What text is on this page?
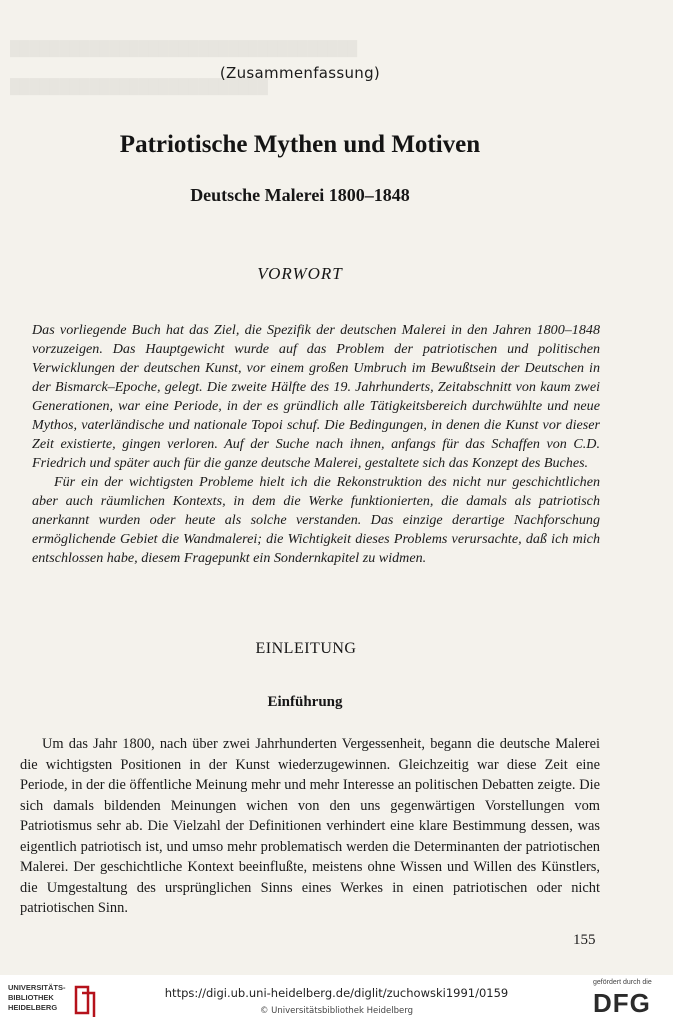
███████████████████████████████████

██████████████████████████
(Zusammenfassung)
Patriotische Mythen und Motiven
Deutsche Malerei 1800–1848
VORWORT

Das vorliegende Buch hat das Ziel, die Spezifik der deutschen Malerei in den Jahren 1800–1848 vorzuzeigen. Das Hauptgewicht wurde auf das Problem der patriotischen und politischen Verwicklungen der deutschen Kunst, vor einem großen Umbruch im Bewußtsein der Deutschen in der Bismarck–Epoche, gelegt. Die zweite Hälfte des 19. Jahrhunderts, Zeitabschnitt von kaum zwei Generationen, war eine Periode, in der es gründlich alle Tätigkeitsbereich durchwühlte und neue Mythos, vaterländische und nationale Topoi schuf. Die Bedingungen, in denen die Kunst vor dieser Zeit existierte, gingen verloren. Auf der Suche nach ihnen, anfangs für das Schaffen von C.D. Friedrich und später auch für die ganze deutsche Malerei, gestaltete sich das Konzept des Buches.

Für ein der wichtigsten Probleme hielt ich die Rekonstruktion des nicht nur geschichtlichen aber auch räumlichen Kontexts, in dem die Werke funktionierten, die damals als patriotisch anerkannt wurden oder heute als solche verstanden. Das einzige derartige Nachforschung ermöglichende Gebiet die Wandmalerei; die Wichtigkeit dieses Problems verursachte, daß ich mich entschlossen habe, diesem Fragepunkt ein Sondernkapitel zu widmen.

EINLEITUNG
Einführung

Um das Jahr 1800, nach über zwei Jahrhunderten Vergessenheit, begann die deutsche Malerei die wichtigsten Positionen in der Kunst wiederzugewinnen. Gleichzeitig war diese Zeit eine Periode, in der die öffentliche Meinung mehr und mehr Interesse an politischen Debatten zeigte. Die sich damals bildenden Meinungen wichen von den uns gegenwärtigen Vorstellungen vom Patriotismus sehr ab. Die Vielzahl der Definitionen verhindert eine klare Bestimmung dessen, was eigentlich patriotisch ist, und umso mehr problematisch werden die Determinanten der patriotischen Malerei. Der geschichtliche Kontext beeinflußte, meistens ohne Wissen und Willen des Künstlers, die Umgestaltung des ursprünglichen Sinns eines Werkes in einen patriotischen oder nicht patriotischen Sinn.

155
UNIVERSITÄTS-
BIBLIOTHEK
HEIDELBERG
https://digi.ub.uni-heidelberg.de/diglit/zuchowski1991/0159
© Universitätsbibliothek Heidelberg
gefördert durch die
DFG
